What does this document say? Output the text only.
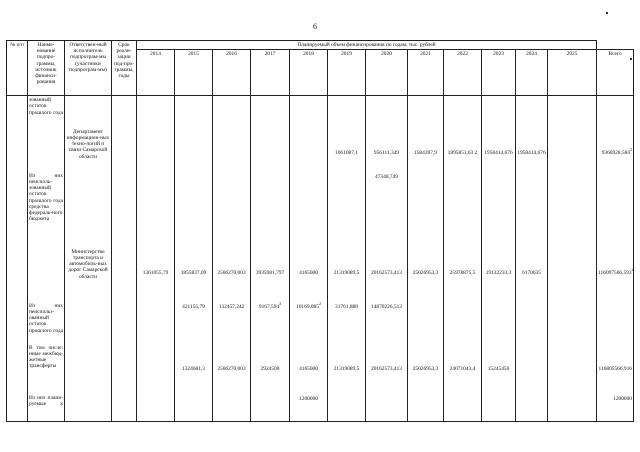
6
№ п/п	Наиме-нование подпро-граммы, источник финанси-рования	Ответствен-ный исполнитель подпрограм-мы (участники подпрограм-мы)	Срок реали-зации под-про-граммы, годы	Планируемый объем финансирования по годам, тыс. рублей												
				2014	2015	2016	2017	2018	2019	2020	2021	2022	2023	2024	2025	Всего

	зованный остаток прошлого года															

	Департамент информацион-ных техно-логий и связи Самарской области							1061087,1	956111,349	1584397,9	1895851,63 2	1958414,676	1958414,676		9366928,584$^2$

	Из них неисполь-зованный остаток прошлого года средства федераль-ного бюджета									47348,749						

	Министерство транспорта и автомобиль-ных дорог Самарской области		1361055,79	1855837,09	2566270,003	3935981,797	4165000	21319089,5	20162573,413	25026953,3	25978875,5	19132233,3	6170635		116097566,593$^2$

	Из них неиспольз-ованный остаток прошлого года				421155,79	132457,242	9167,594$^3$	10169,085$^2$	31761,888	14870226,513						

	В том числе: иные межбюд-жетные трансферты				1324681,3	2566270,003	2924500	4165000	21319089,5	20162573,413	25026953,3	24071043,4	15245456			116805566,916

	Из них плани-руемые к							1200000								1200000
